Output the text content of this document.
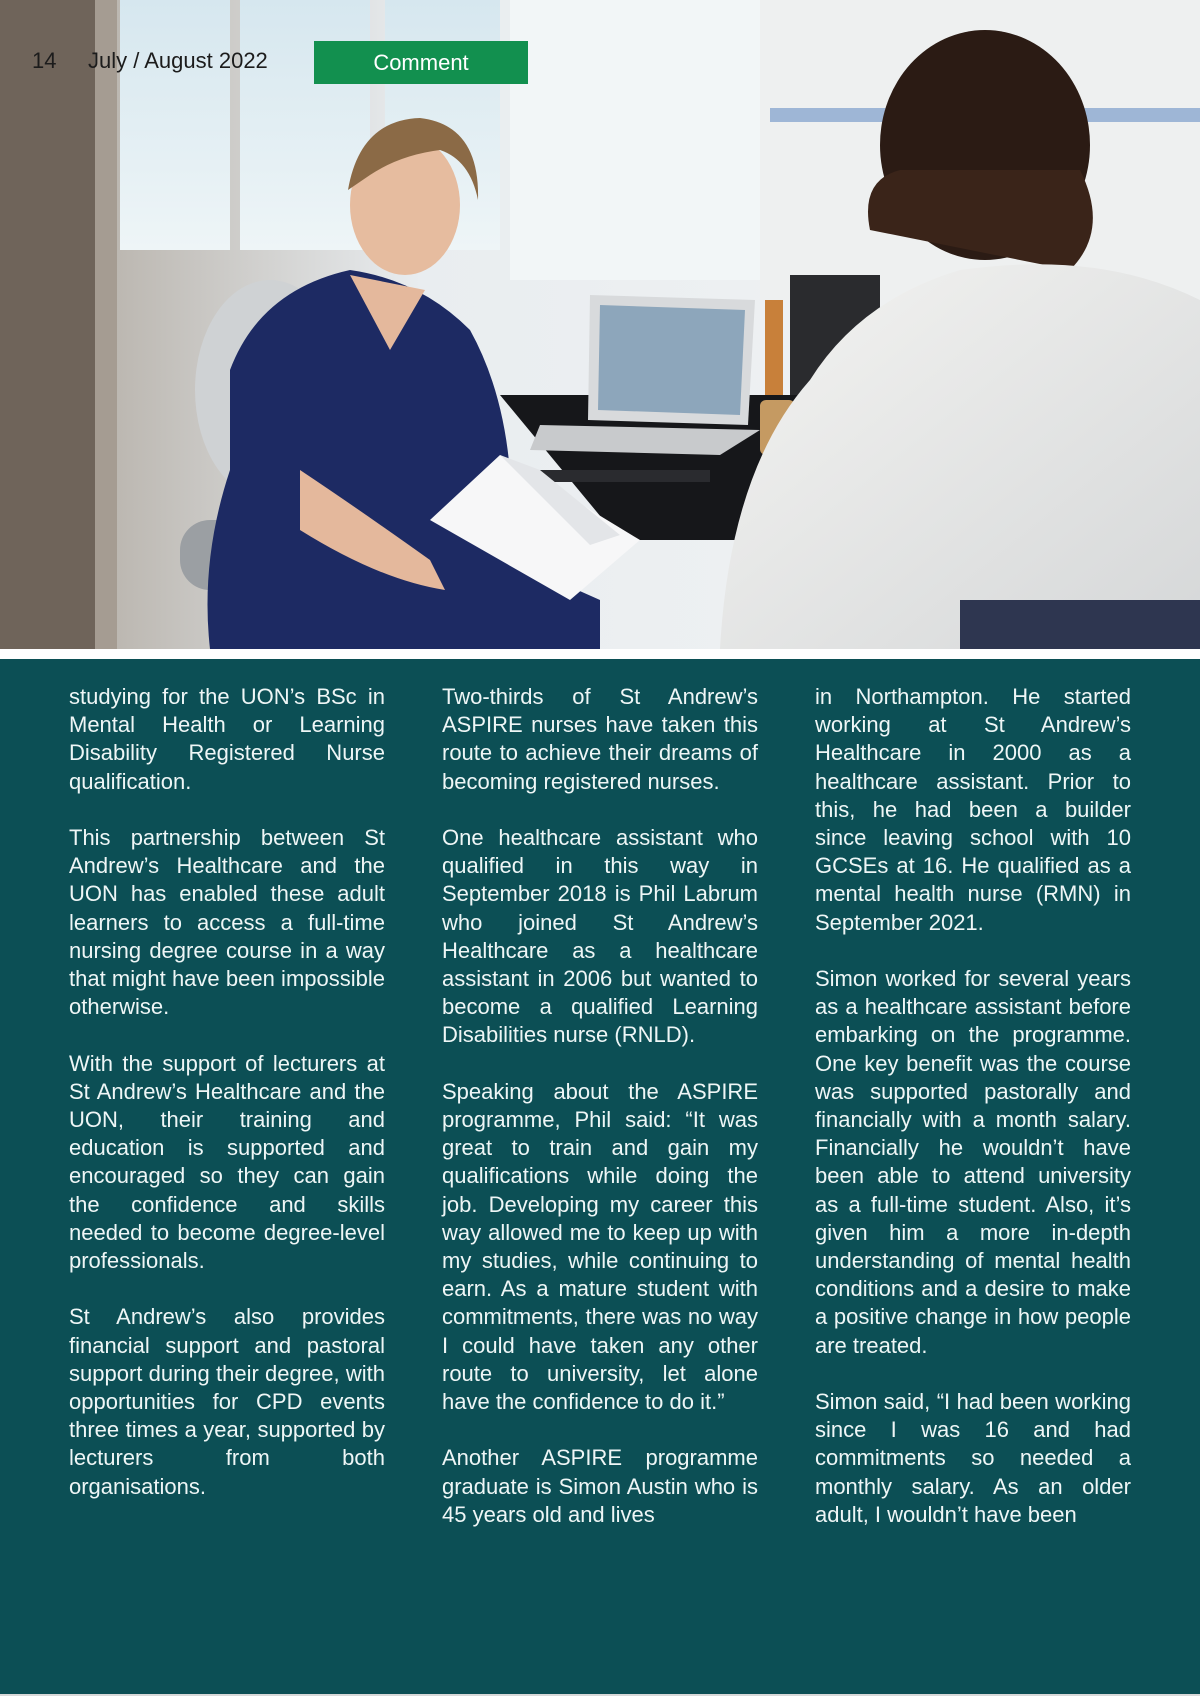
14 July / August 2022	Comment

studying for the UON’s BSc in Mental Health or Learning Disability Registered Nurse qualification.

This partnership between St Andrew’s Healthcare and the UON has enabled these adult learners to access a full-time nursing degree course in a way that might have been impossible otherwise.

With the support of lecturers at St Andrew’s Healthcare and the UON, their training and education is supported and encouraged so they can gain the confidence and skills needed to become degree-level professionals.

St Andrew’s also provides financial support and pastoral support during their degree, with opportunities for CPD events three times a year, supported by lecturers from both organisations.

Two-thirds of St Andrew’s ASPIRE nurses have taken this route to achieve their dreams of becoming registered nurses.

One healthcare assistant who qualified in this way in September 2018 is Phil Labrum who joined St Andrew’s Healthcare as a healthcare assistant in 2006 but wanted to become a qualified Learning Disabilities nurse (RNLD).

Speaking about the ASPIRE programme, Phil said: “It was great to train and gain my qualifications while doing the job. Developing my career this way allowed me to keep up with my studies, while continuing to earn. As a mature student with commitments, there was no way I could have taken any other route to university, let alone have the confidence to do it.”

Another ASPIRE programme graduate is Simon Austin who is 45 years old and lives

in Northampton. He started working at St Andrew’s Healthcare in 2000 as a healthcare assistant. Prior to this, he had been a builder since leaving school with 10 GCSEs at 16. He qualified as a mental health nurse (RMN) in September 2021.

Simon worked for several years as a healthcare assistant before embarking on the programme. One key benefit was the course was supported pastorally and financially with a month salary. Financially he wouldn’t have been able to attend university as a full-time student. Also, it’s given him a more in-depth understanding of mental health conditions and a desire to make a positive change in how people are treated.

Simon said, “I had been working since I was 16 and had commitments so needed a monthly salary. As an older adult, I wouldn’t have been
